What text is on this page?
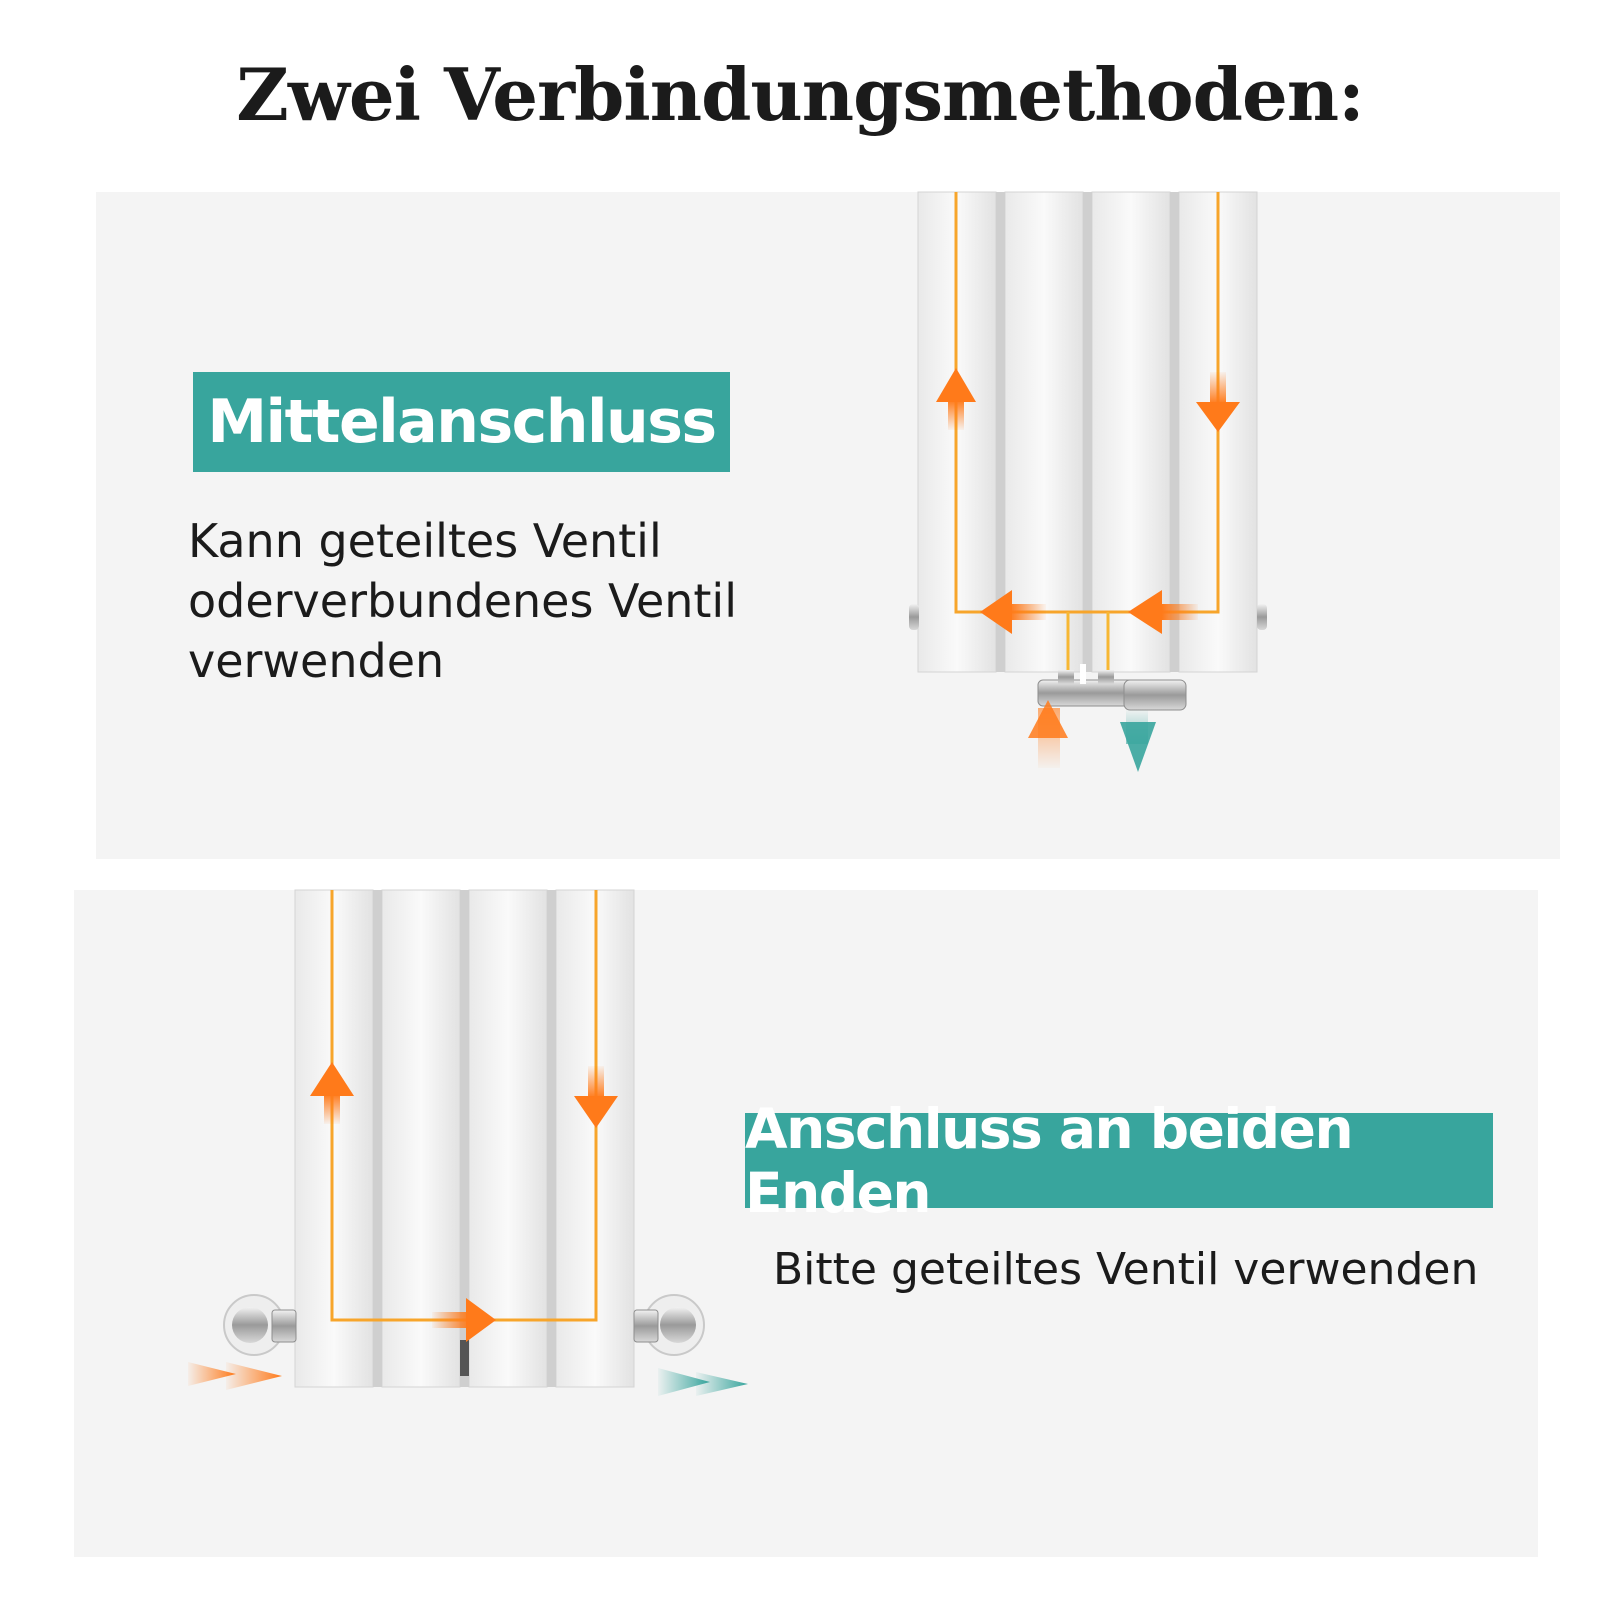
Zwei Verbindungsmethoden:
Mittelanschluss
Kann geteiltes Ventil
oderverbundenes Ventil
verwenden
Anschluss an beiden Enden
Bitte geteiltes Ventil verwenden
